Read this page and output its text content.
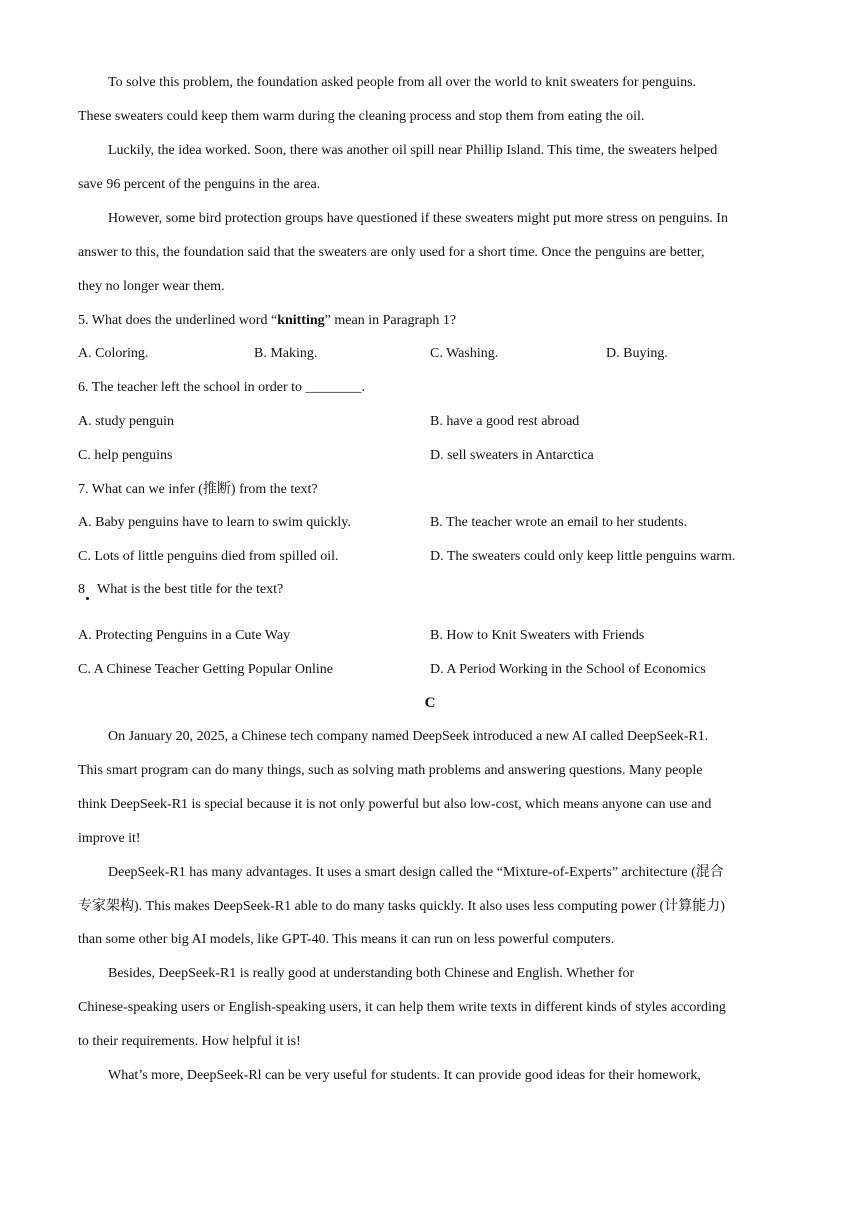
To solve this problem, the foundation asked people from all over the world to knit sweaters for penguins.
These sweaters could keep them warm during the cleaning process and stop them from eating the oil.
Luckily, the idea worked. Soon, there was another oil spill near Phillip Island. This time, the sweaters helped
save 96 percent of the penguins in the area.
However, some bird protection groups have questioned if these sweaters might put more stress on penguins. In
answer to this, the foundation said that the sweaters are only used for a short time. Once the penguins are better,
they no longer wear them.
5. What does the underlined word “knitting” mean in Paragraph 1?
A. Coloring.	B. Making.	C. Washing.	D. Buying.
6. The teacher left the school in order to ________.
A. study penguin	B. have a good rest abroad
C. help penguins	D. sell sweaters in Antarctica
7. What can we infer (推断) from the text?
A. Baby penguins have to learn to swim quickly.	B. The teacher wrote an email to her students.
C. Lots of little penguins died from spilled oil.	D. The sweaters could only keep little penguins warm.
8 What is the best title for the text?
A. Protecting Penguins in a Cute Way	B. How to Knit Sweaters with Friends
C. A Chinese Teacher Getting Popular Online	D. A Period Working in the School of Economics
C
On January 20, 2025, a Chinese tech company named DeepSeek introduced a new AI called DeepSeek-R1.
This smart program can do many things, such as solving math problems and answering questions. Many people
think DeepSeek-R1 is special because it is not only powerful but also low-cost, which means anyone can use and
improve it!
DeepSeek-R1 has many advantages. It uses a smart design called the “Mixture-of-Experts” architecture (混合
专家架构). This makes DeepSeek-R1 able to do many tasks quickly. It also uses less computing power (计算能力)
than some other big AI models, like GPT-40. This means it can run on less powerful computers.
Besides, DeepSeek-R1 is really good at understanding both Chinese and English. Whether for
Chinese-speaking users or English-speaking users, it can help them write texts in different kinds of styles according
to their requirements. How helpful it is!
What’s more, DeepSeek-Rl can be very useful for students. It can provide good ideas for their homework,
